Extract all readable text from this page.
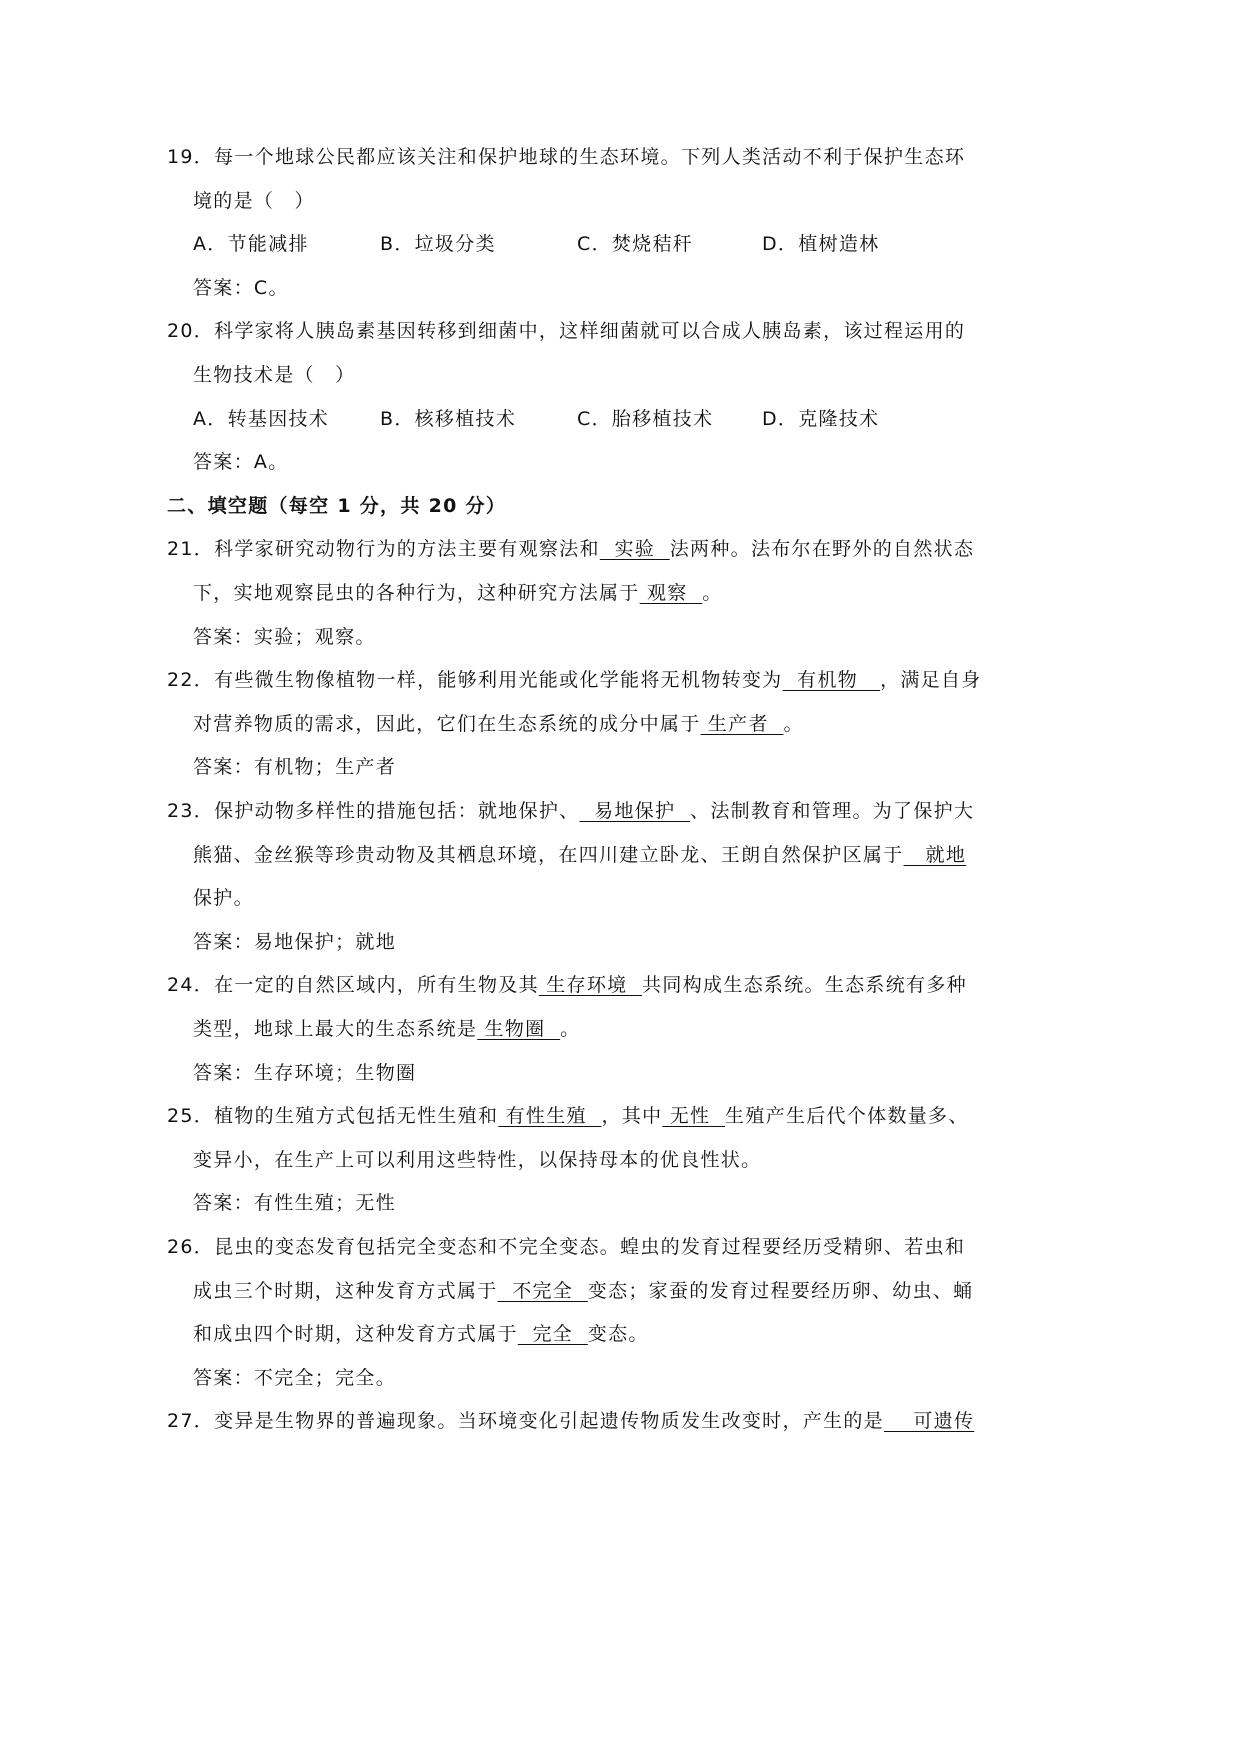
19．每一个地球公民都应该关注和保护地球的生态环境。下列人类活动不利于保护生态环
境的是（　）
A．节能减排	B．垃圾分类	C．焚烧秸秆	D．植树造林
答案：C。
20．科学家将人胰岛素基因转移到细菌中，这样细菌就可以合成人胰岛素，该过程运用的
生物技术是（　）
A．转基因技术	B．核移植技术	C．胎移植技术	D．克隆技术
答案：A。
二、填空题（每空 1 分，共 20 分）
21．科学家研究动物行为的方法主要有观察法和  实验  法两种。法布尔在野外的自然状态
下，实地观察昆虫的各种行为，这种研究方法属于 观察  。
答案：实验；观察。
22．有些微生物像植物一样，能够利用光能或化学能将无机物转变为  有机物   ，满足自身
对营养物质的需求，因此，它们在生态系统的成分中属于 生产者  。
答案：有机物；生产者
23．保护动物多样性的措施包括：就地保护、  易地保护  、法制教育和管理。为了保护大
熊猫、金丝猴等珍贵动物及其栖息环境，在四川建立卧龙、王朗自然保护区属于   就地
保护。
答案：易地保护；就地
24．在一定的自然区域内，所有生物及其 生存环境  共同构成生态系统。生态系统有多种
类型，地球上最大的生态系统是 生物圈  。
答案：生存环境；生物圈
25．植物的生殖方式包括无性生殖和 有性生殖  ，其中 无性  生殖产生后代个体数量多、
变异小，在生产上可以利用这些特性，以保持母本的优良性状。
答案：有性生殖；无性
26．昆虫的变态发育包括完全变态和不完全变态。蝗虫的发育过程要经历受精卵、若虫和
成虫三个时期，这种发育方式属于  不完全  变态；家蚕的发育过程要经历卵、幼虫、蛹
和成虫四个时期，这种发育方式属于  完全  变态。
答案：不完全；完全。
27．变异是生物界的普遍现象。当环境变化引起遗传物质发生改变时，产生的是    可遗传
